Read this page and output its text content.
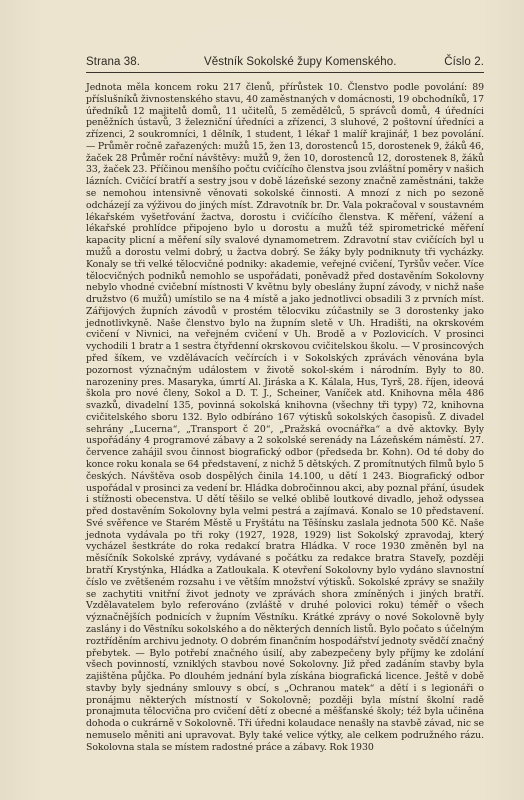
Strana 38.	Věstník Sokolské župy Komenského.	Číslo 2.
Jednota měla koncem roku 217 členů, přírůstek 10. Členstvo podle povolání: 89 příslušníků živnostenského stavu, 40 zaměstnaných v domácnosti, 19 obchodníků, 17 úředníků 12 majitelů domů, 11 učitelů, 5 zemědělců, 5 správců domů, 4 úředníci peněžních ústavů, 3 železniční úředníci a zřízenci, 3 sluhové, 2 poštovní úředníci a zřízenci, 2 soukromníci, 1 dělník, 1 student, 1 lékař 1 malíř krajinář, 1 bez povolání. — Průměr ročně zařazených: mužů 15, žen 13, dorostenců 15, dorostenek 9, žáků 46, žaček 28 Průměr roční návštěvy: mužů 9, žen 10, dorostenců 12, dorostenek 8, žáků 33, žaček 23. Příčinou menšího počtu cvičícího členstva jsou zvláštní poměry v našich lázních. Cvičící bratří a sestry jsou v době lázeňské sezony značně zaměstnáni, takže se nemohou intensivně věnovati sokolské činnosti. A mnozí z nich po sezoně odcházejí za výživou do jiných míst. Zdravotník br. Dr. Vala pokračoval v soustavném lékařském vyšetřování žactva, dorostu i cvičícího členstva. K měření, vážení a lékařské prohlídce připojeno bylo u dorostu a mužů též spirometrické měření kapacity plicní a měření síly svalové dynamometrem. Zdravotní stav cvičících byl u mužů a dorostu velmi dobrý, u žactva dobrý. Se žáky byly podniknuty tři vycházky. Konaly se tři velké tělocvičné podniky: akademie, veřejné cvičení, Tyršův večer. Více tělocvičných podniků nemohlo se uspořádati, poněvadž před dostavěním Sokolovny nebylo vhodné cvičební místnosti V květnu byly obeslány župní závody, v nichž naše družstvo (6 mužů) umístilo se na 4 místě a jako jednotlivci obsadili 3 z prvních míst. Zářijových župních závodů v prostém tělocviku zúčastnily se 3 dorostenky jako jednotlivkyně. Naše členstvo bylo na župním sletě v Uh. Hradišti, na okrskovém cvičení v Nivnici, na veřejném cvičení v Uh. Brodě a v Pozlovicích. V prosinci vychodili 1 bratr a 1 sestra čtyřdenní okrskovou cvičitelskou školu. — V prosincových před šíkem, ve vzdělávacích večírcích i v Sokolských zprávách věnována byla pozornost význačným událostem v životě sokol-ském i národním. Byly to 80. narozeniny pres. Masaryka, úmrtí Al. Jiráska a K. Kálala, Hus, Tyrš, 28. říjen, ideová škola pro nové členy, Sokol a D. T. J., Scheiner, Vaníček atd. Knihovna měla 486 svazků, divadelní 135, povinná sokolská knihovna (všechny tři typy) 72, knihovna cvičitelského sboru 132. Bylo odbíráno 167 výtisků sokolských časopisů. Z divadel sehrány „Lucerna“, „Transport č 20“, „Pražská ovocnářka“ a dvě aktovky. Byly uspořádány 4 programové zábavy a 2 sokolské serenády na Lázeňském náměstí. 27. července zahájil svou činnost biografický odbor (předseda br. Kohn). Od té doby do konce roku konala se 64 představení, z nichž 5 dětských. Z promítnutých filmů bylo 5 českých. Návštěva osob dospělých činila 14.100, u dětí 1 243. Biografický odbor uspořádal v prosinci za vedení br. Hládka dobročinnou akci, aby poznal přání, úsudek i stížnosti obecenstva. U dětí těšilo se velké oblibě loutkové divadlo, jehož odyssea před dostavěním Sokolovny byla velmi pestrá a zajímavá. Konalo se 10 představení. Své svěřence ve Starém Městě u Fryštátu na Těšínsku zaslala jednota 500 Kč. Naše jednota vydávala po tři roky (1927, 1928, 1929) list Sokolský zpravodaj, který vycházel šestkráte do roka redakcí bratra Hládka. V roce 1930 změněn byl na měsíčník Sokolské zprávy, vydávané s počátku za redakce bratra Staveľy, později bratří Krystýnka, Hládka a Zatloukala. K otevření Sokolovny bylo vydáno slavnostní číslo ve zvětšeném rozsahu i ve větším množství výtisků. Sokolské zprávy se snažily se zachytiti vnitřní život jednoty ve zprávách shora zmíněných i jiných bratří. Vzdělavatelem bylo referováno (zvláště v druhé polovici roku) téměř o všech význačnějších podnicích v župním Věstníku. Krátké zprávy o nové Sokolovně byly zaslány i do Věstníku sokolského a do některých denních listů. Bylo počato s účelným roztříděním archivu jednoty. O dobrém finančním hospodářství jednoty svědčí značný přebytek. — Bylo potřebí značného úsilí, aby zabezpečeny byly příjmy ke zdolání všech povinností, vzniklých stavbou nové Sokolovny. Již před zadáním stavby byla zajištěna půjčka. Po dlouhém jednání byla získána biografická licence. Ještě v době stavby byly sjednány smlouvy s obcí, s „Ochranou matek“ a dětí i s legionáři o pronájmu některých místností v Sokolovně; později byla místní školní radě pronajmuta tělocvična pro cvičení dětí z obecné a měšťanské školy; též byla učiněna dohoda o cukrárně v Sokolovně. Tři úředni kolaudace nenašly na stavbě závad, nic se nemuselo měniti ani upravovat. Byly také velice výtky, ale celkem podružného rázu. Sokolovna stala se místem radostné práce a zábavy. Rok 1930
